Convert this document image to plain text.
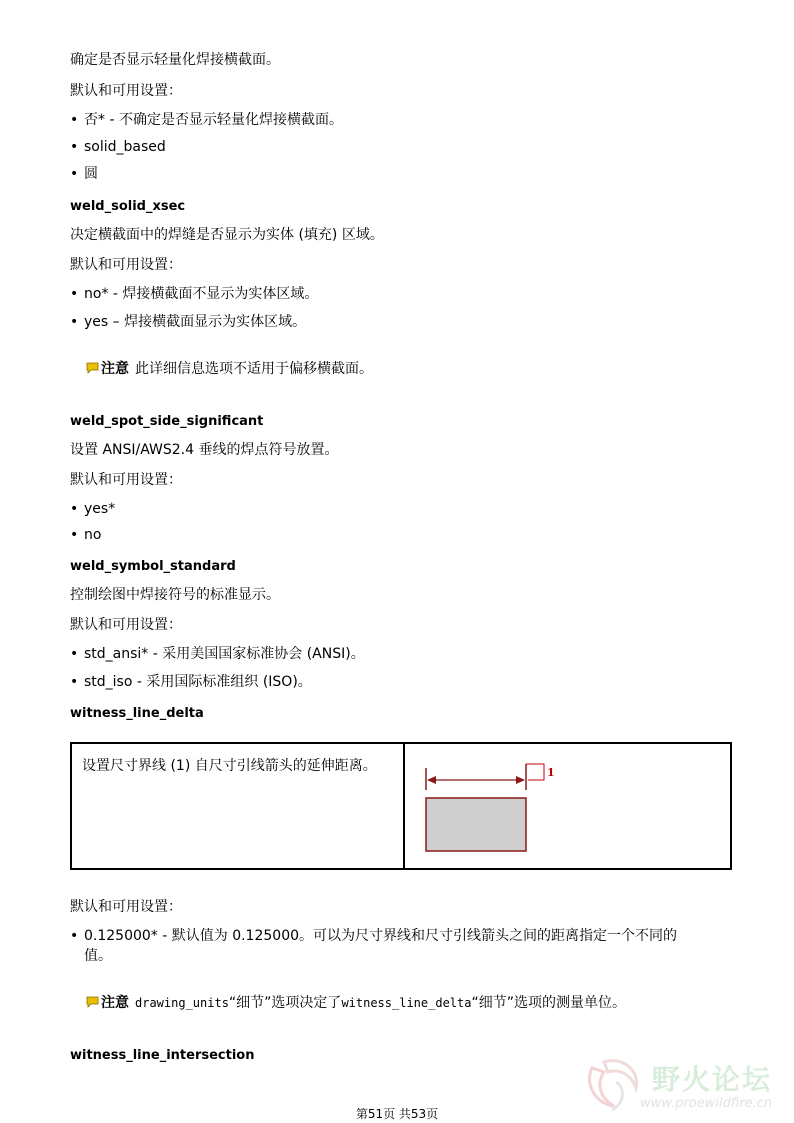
确定是否显示轻量化焊接横截面。
默认和可用设置：
• 否* - 不确定是否显示轻量化焊接横截面。
• solid_based
• 圆
weld_solid_xsec
决定横截面中的焊缝是否显示为实体 (填充) 区域。
默认和可用设置：
• no* - 焊接横截面不显示为实体区域。
• yes – 焊接横截面显示为实体区域。
注意 此详细信息选项不适用于偏移横截面。
weld_spot_side_significant
设置 ANSI/AWS2.4 垂线的焊点符号放置。
默认和可用设置：
• yes*
• no
weld_symbol_standard
控制绘图中焊接符号的标准显示。
默认和可用设置：
• std_ansi* - 采用美国国家标准协会 (ANSI)。
• std_iso - 采用国际标准组织 (ISO)。
witness_line_delta
设置尺寸界线 (1) 自尺寸引线箭头的延伸距离。	1
默认和可用设置：
• 0.125000* - 默认值为 0.125000。可以为尺寸界线和尺寸引线箭头之间的距离指定一个不同的
值。
注意 drawing_units“细节”选项决定了witness_line_delta“细节”选项的测量单位。
witness_line_intersection
野火论坛
www.proewildfire.cn
第51页 共53页
